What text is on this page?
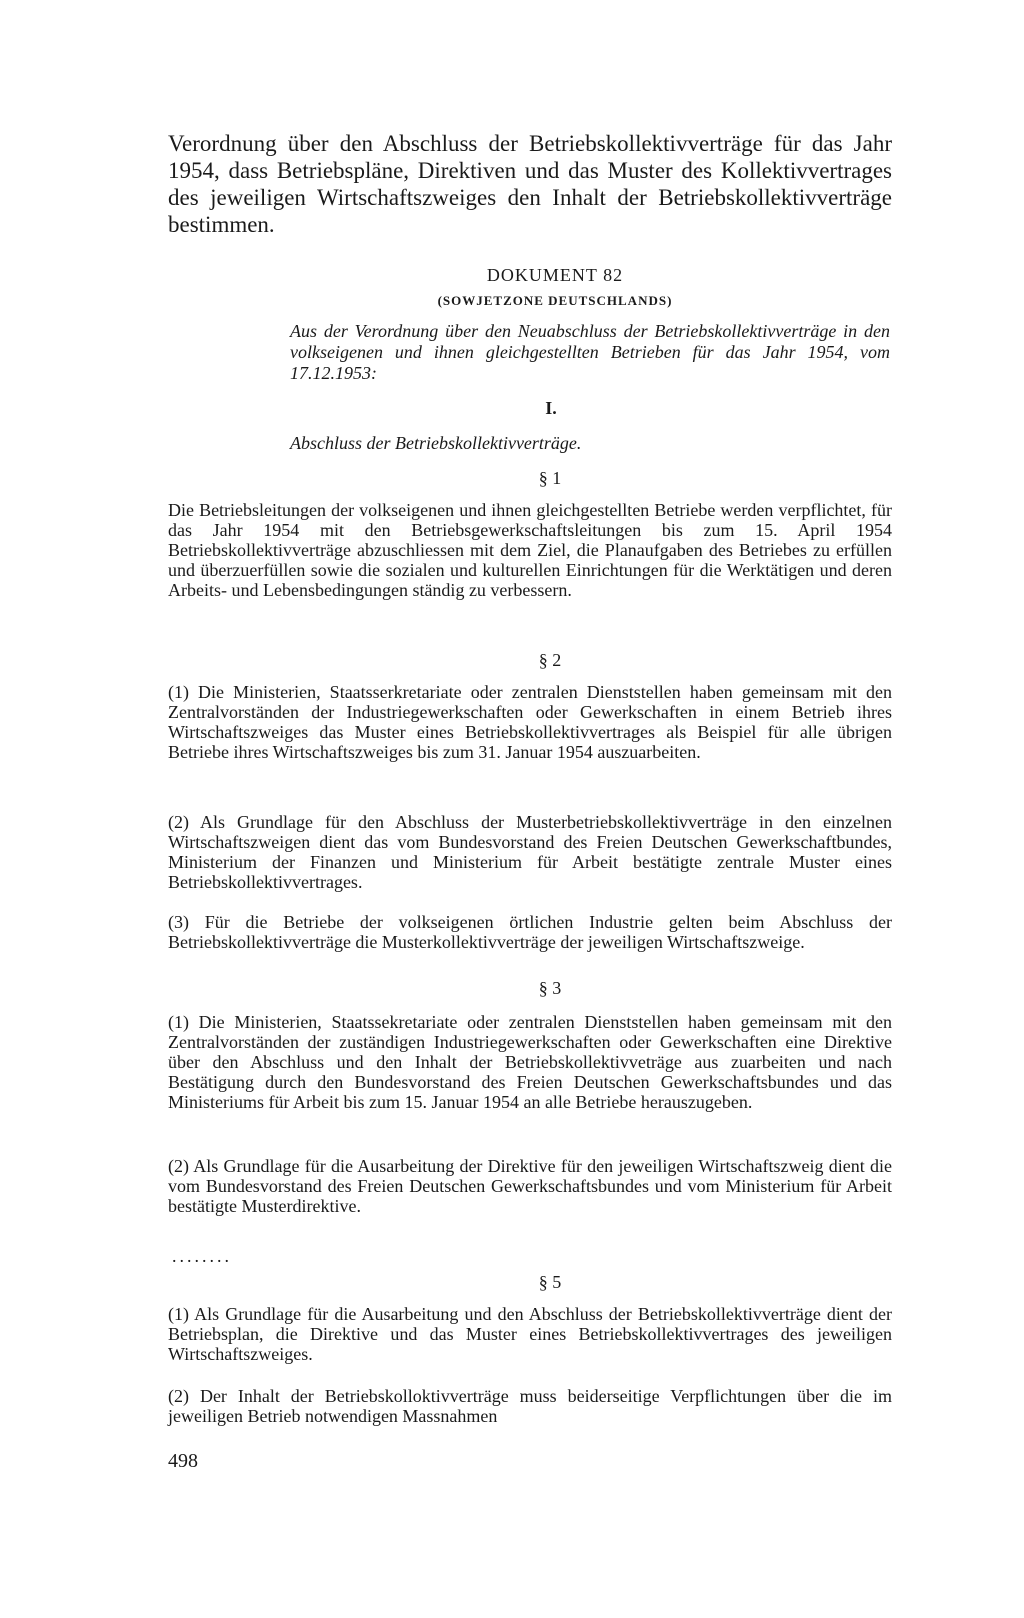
Verordnung über den Abschluss der Betriebskollektivverträge für das Jahr 1954, dass Betriebspläne, Direktiven und das Muster des Kollektivvertrages des jeweiligen Wirtschaftszweiges den Inhalt der Betriebskollektivverträge bestimmen.
DOKUMENT 82
(SOWJETZONE DEUTSCHLANDS)
Aus der Verordnung über den Neuabschluss der Betriebskollektivverträge in den volkseigenen und ihnen gleichgestellten Betrieben für das Jahr 1954, vom 17.12.1953:
I.
Abschluss der Betriebskollektivverträge.
§ 1
Die Betriebsleitungen der volkseigenen und ihnen gleichgestellten Betriebe werden verpflichtet, für das Jahr 1954 mit den Betriebsgewerkschaftsleitungen bis zum 15. April 1954 Betriebskollektivverträge abzuschliessen mit dem Ziel, die Planaufgaben des Betriebes zu erfüllen und überzuerfüllen sowie die sozialen und kulturellen Einrichtungen für die Werktätigen und deren Arbeits- und Lebensbedingungen ständig zu verbessern.
§ 2
(1) Die Ministerien, Staatsserkretariate oder zentralen Dienststellen haben gemeinsam mit den Zentralvorständen der Industriegewerkschaften oder Gewerkschaften in einem Betrieb ihres Wirtschaftszweiges das Muster eines Betriebskollektivvertrages als Beispiel für alle übrigen Betriebe ihres Wirtschaftszweiges bis zum 31. Januar 1954 auszuarbeiten.
(2) Als Grundlage für den Abschluss der Musterbetriebskollektivverträge in den einzelnen Wirtschaftszweigen dient das vom Bundesvorstand des Freien Deutschen Gewerkschaftbundes, Ministerium der Finanzen und Ministerium für Arbeit bestätigte zentrale Muster eines Betriebskollektivvertrages.
(3) Für die Betriebe der volkseigenen örtlichen Industrie gelten beim Abschluss der Betriebskollektivverträge die Musterkollektivverträge der jeweiligen Wirtschaftszweige.
§ 3
(1) Die Ministerien, Staatssekretariate oder zentralen Dienststellen haben gemeinsam mit den Zentralvorständen der zuständigen Industriegewerkschaften oder Gewerkschaften eine Direktive über den Abschluss und den Inhalt der Betriebskollektivveträge aus zuarbeiten und nach Bestätigung durch den Bundesvorstand des Freien Deutschen Gewerkschaftsbundes und das Ministeriums für Arbeit bis zum 15. Januar 1954 an alle Betriebe herauszugeben.
(2) Als Grundlage für die Ausarbeitung der Direktive für den jeweiligen Wirtschaftszweig dient die vom Bundesvorstand des Freien Deutschen Gewerkschaftsbundes und vom Ministerium für Arbeit bestätigte Musterdirektive.
........
§ 5
(1) Als Grundlage für die Ausarbeitung und den Abschluss der Betriebskollektivverträge dient der Betriebsplan, die Direktive und das Muster eines Betriebskollektivvertrages des jeweiligen Wirtschaftszweiges.
(2) Der Inhalt der Betriebskolloktivverträge muss beiderseitige Verpflichtungen über die im jeweiligen Betrieb notwendigen Massnahmen
498
